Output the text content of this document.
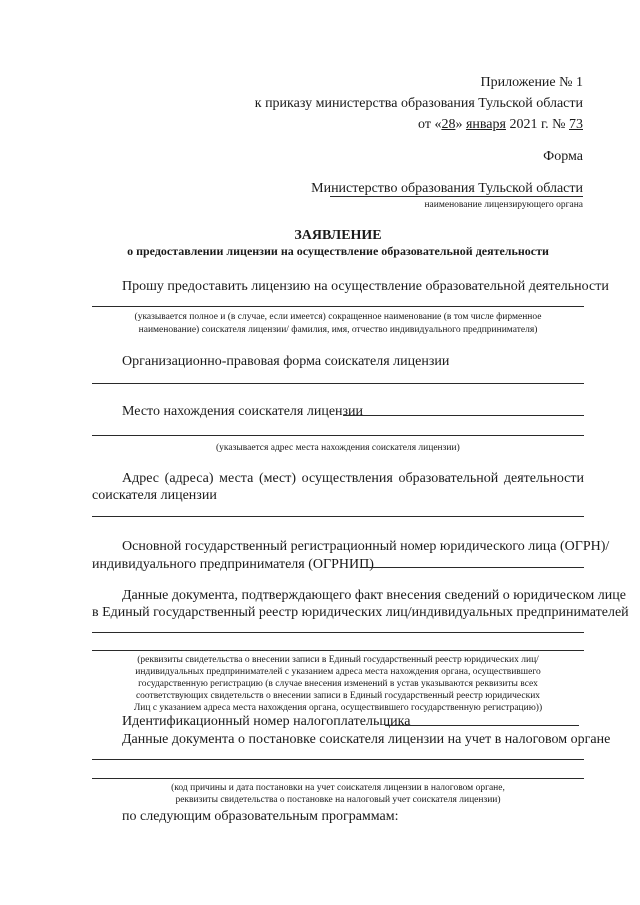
Приложение № 1
к приказу министерства образования Тульской области
от «28» января 2021 г. № 73
Форма
Министерство образования Тульской области
наименование лицензирующего органа
ЗАЯВЛЕНИЕ
о предоставлении лицензии на осуществление образовательной деятельности
Прошу предоставить лицензию на осуществление образовательной деятельности
(указывается полное и (в случае, если имеется) сокращенное наименование (в том числе фирменное
наименование) соискателя лицензии/ фамилия, имя, отчество индивидуального предпринимателя)
Организационно-правовая форма соискателя лицензии
Место нахождения соискателя лицензии
(указывается адрес места нахождения соискателя лицензии)
Адрес (адреса) места (мест) осуществления образовательной деятельности
соискателя лицензии
Основной государственный регистрационный номер юридического лица (ОГРН)/
индивидуального предпринимателя (ОГРНИП)
Данные документа, подтверждающего факт внесения сведений о юридическом лице
в Единый государственный реестр юридических лиц/индивидуальных предпринимателей
(реквизиты свидетельства о внесении записи в Единый государственный реестр юридических лиц/
индивидуальных предпринимателей с указанием адреса места нахождения органа, осуществившего
государственную регистрацию (в случае внесения изменений в устав указываются реквизиты всех
соответствующих свидетельств о внесении записи в Единый государственный реестр юридических
Лиц с указанием адреса места нахождения органа, осуществившего государственную регистрацию))
Идентификационный номер налогоплательщика
Данные документа о постановке соискателя лицензии на учет в налоговом органе
(код причины и дата постановки на учет соискателя лицензии в налоговом органе,
реквизиты свидетельства о постановке на налоговый учет соискателя лицензии)
по следующим образовательным программам:
